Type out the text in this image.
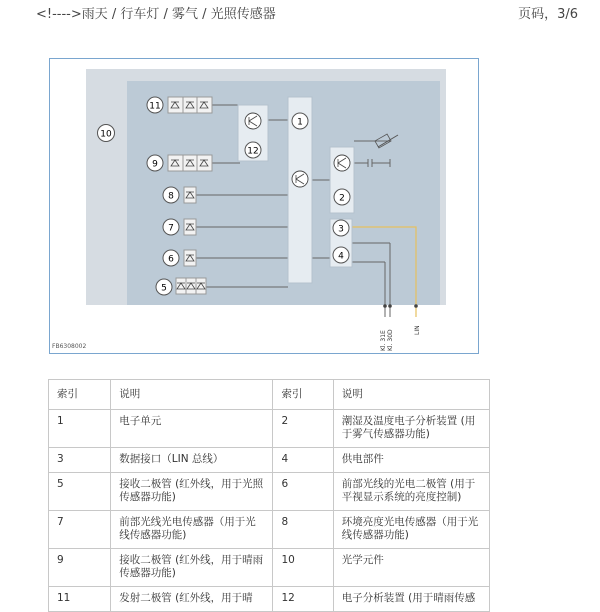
<!---->雨天 / 行车灯 / 雾气 / 光照传感器	页码，3/6
10
11
9
8
7
6
5
12
1
2
3
4
Kl. 31E Kl. 30D	LIN
FB6308002
索引	说明	索引	说明
1	电子单元	2	潮湿及温度电子分析装置 (用于雾气传感器功能)
3	数据接口（LIN 总线）	4	供电部件
5	接收二极管 (红外线，用于光照传感器功能)	6	前部光线的光电二极管 (用于平视显示系统的亮度控制)
7	前部光线光电传感器（用于光线传感器功能)	8	环境亮度光电传感器（用于光线传感器功能)
9	接收二极管 (红外线，用于晴雨传感器功能)	10	光学元件
11	发射二极管 (红外线，用于晴	12	电子分析装置 (用于晴雨传感
